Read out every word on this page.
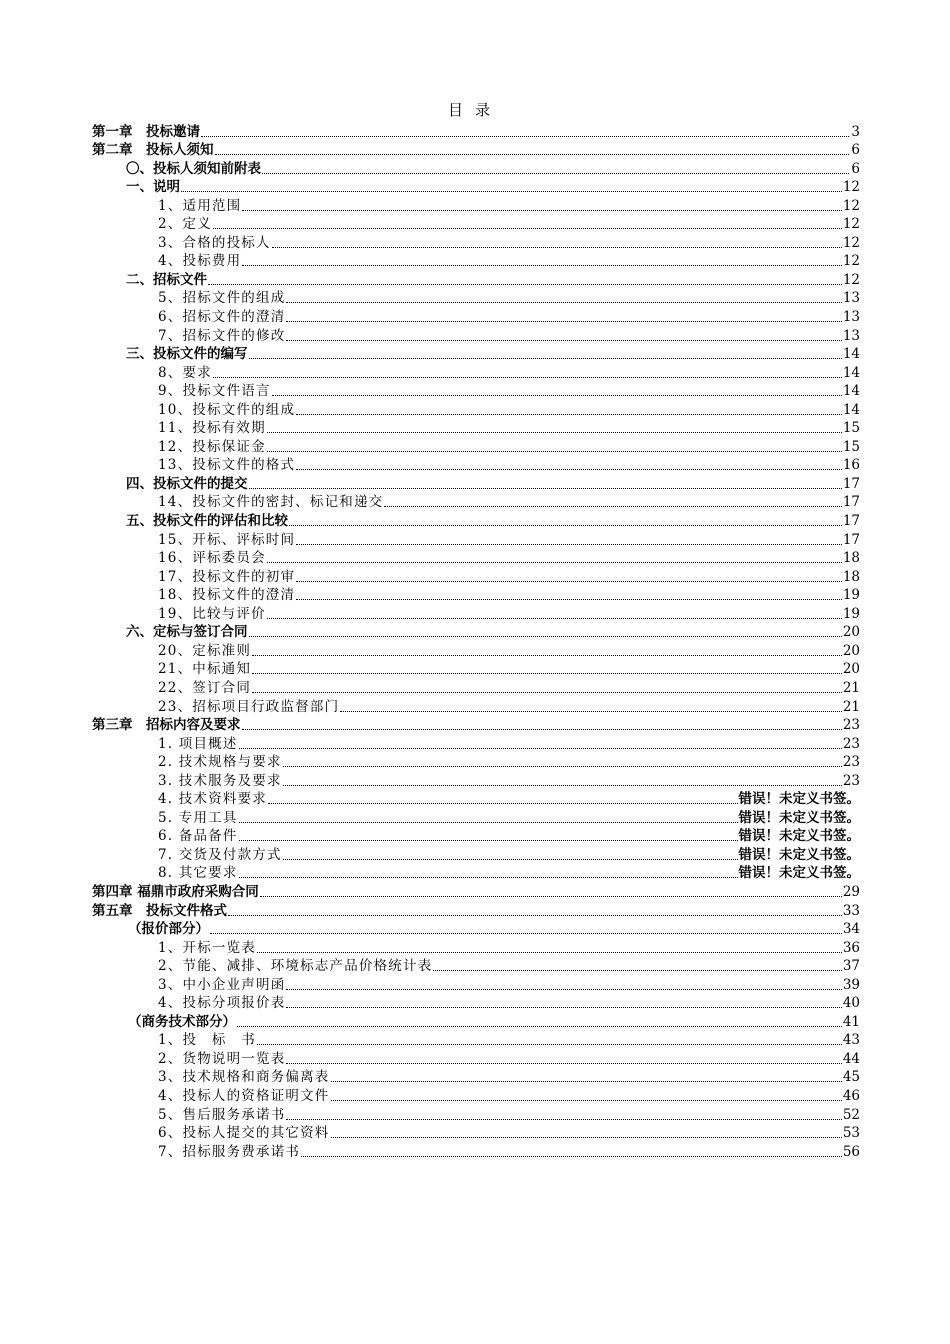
目录
第一章　投标邀请	3
第二章　投标人须知	6
〇、投标人须知前附表	6
一、说明	12
1、适用范围	12
2、定义	12
3、合格的投标人	12
4、投标费用	12
二、招标文件	12
5、招标文件的组成	13
6、招标文件的澄清	13
7、招标文件的修改	13
三、投标文件的编写	14
8、要求	14
9、投标文件语言	14
10、投标文件的组成	14
11、投标有效期	15
12、投标保证金	15
13、投标文件的格式	16
四、投标文件的提交	17
14、投标文件的密封、标记和递交	17
五、投标文件的评估和比较	17
15、开标、评标时间	17
16、评标委员会	18
17、投标文件的初审	18
18、投标文件的澄清	19
19、比较与评价	19
六、定标与签订合同	20
20、定标准则	20
21、中标通知	20
22、签订合同	21
23、招标项目行政监督部门	21
第三章　招标内容及要求	23
1. 项目概述	23
2. 技术规格与要求	23
3. 技术服务及要求	23
4. 技术资料要求	错误！未定义书签。
5. 专用工具	错误！未定义书签。
6. 备品备件	错误！未定义书签。
7. 交货及付款方式	错误！未定义书签。
8. 其它要求	错误！未定义书签。
第四章 福鼎市政府采购合同	29
第五章　投标文件格式	33
（报价部分）	34
1、开标一览表	36
2、节能、减排、环境标志产品价格统计表	37
3、中小企业声明函	39
4、投标分项报价表	40
（商务技术部分）	41
1、投　标　书	43
2、货物说明一览表	44
3、技术规格和商务偏离表	45
4、投标人的资格证明文件	46
5、售后服务承诺书	52
6、投标人提交的其它资料	53
7、招标服务费承诺书	56
